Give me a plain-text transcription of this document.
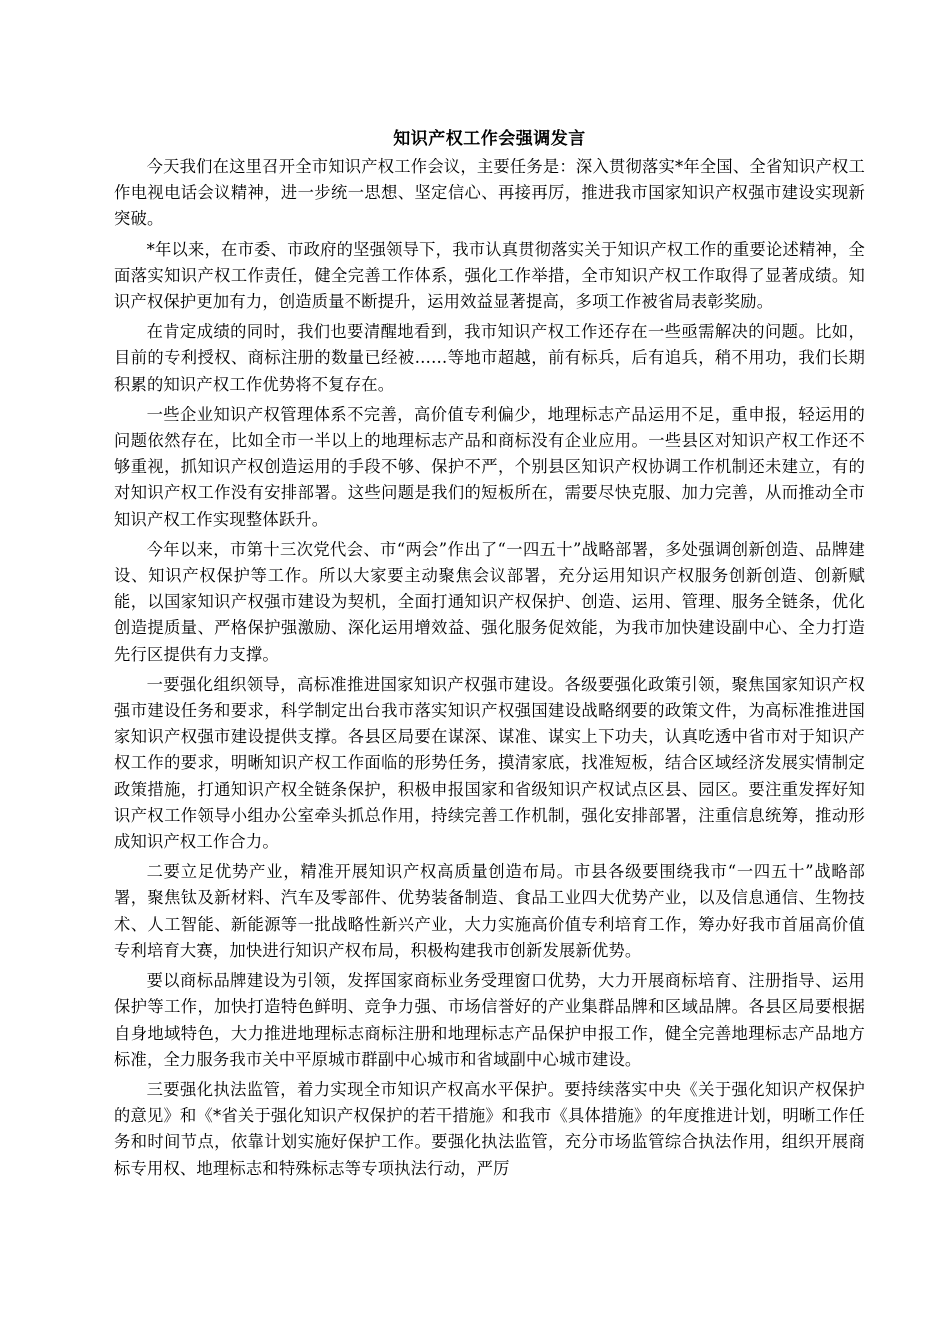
知识产权工作会强调发言

今天我们在这里召开全市知识产权工作会议，主要任务是：深入贯彻落实*年全国、全省知识产权工作电视电话会议精神，进一步统一思想、坚定信心、再接再厉，推进我市国家知识产权强市建设实现新突破。

*年以来，在市委、市政府的坚强领导下，我市认真贯彻落实关于知识产权工作的重要论述精神，全面落实知识产权工作责任，健全完善工作体系，强化工作举措，全市知识产权工作取得了显著成绩。知识产权保护更加有力，创造质量不断提升，运用效益显著提高，多项工作被省局表彰奖励。

在肯定成绩的同时，我们也要清醒地看到，我市知识产权工作还存在一些亟需解决的问题。比如，目前的专利授权、商标注册的数量已经被……等地市超越，前有标兵，后有追兵，稍不用功，我们长期积累的知识产权工作优势将不复存在。

一些企业知识产权管理体系不完善，高价值专利偏少，地理标志产品运用不足，重申报，轻运用的问题依然存在，比如全市一半以上的地理标志产品和商标没有企业应用。一些县区对知识产权工作还不够重视，抓知识产权创造运用的手段不够、保护不严，个别县区知识产权协调工作机制还未建立，有的对知识产权工作没有安排部署。这些问题是我们的短板所在，需要尽快克服、加力完善，从而推动全市知识产权工作实现整体跃升。

今年以来，市第十三次党代会、市“两会”作出了“一四五十”战略部署，多处强调创新创造、品牌建设、知识产权保护等工作。所以大家要主动聚焦会议部署，充分运用知识产权服务创新创造、创新赋能，以国家知识产权强市建设为契机，全面打通知识产权保护、创造、运用、管理、服务全链条，优化创造提质量、严格保护强激励、深化运用增效益、强化服务促效能，为我市加快建设副中心、全力打造先行区提供有力支撑。

一要强化组织领导，高标准推进国家知识产权强市建设。各级要强化政策引领，聚焦国家知识产权强市建设任务和要求，科学制定出台我市落实知识产权强国建设战略纲要的政策文件，为高标准推进国家知识产权强市建设提供支撑。各县区局要在谋深、谋准、谋实上下功夫，认真吃透中省市对于知识产权工作的要求，明晰知识产权工作面临的形势任务，摸清家底，找准短板，结合区域经济发展实情制定政策措施，打通知识产权全链条保护，积极申报国家和省级知识产权试点区县、园区。要注重发挥好知识产权工作领导小组办公室牵头抓总作用，持续完善工作机制，强化安排部署，注重信息统筹，推动形成知识产权工作合力。

二要立足优势产业，精准开展知识产权高质量创造布局。市县各级要围绕我市“一四五十”战略部署，聚焦钛及新材料、汽车及零部件、优势装备制造、食品工业四大优势产业，以及信息通信、生物技术、人工智能、新能源等一批战略性新兴产业，大力实施高价值专利培育工作，筹办好我市首届高价值专利培育大赛，加快进行知识产权布局，积极构建我市创新发展新优势。

要以商标品牌建设为引领，发挥国家商标业务受理窗口优势，大力开展商标培育、注册指导、运用保护等工作，加快打造特色鲜明、竞争力强、市场信誉好的产业集群品牌和区域品牌。各县区局要根据自身地域特色，大力推进地理标志商标注册和地理标志产品保护申报工作，健全完善地理标志产品地方标准，全力服务我市关中平原城市群副中心城市和省域副中心城市建设。

三要强化执法监管，着力实现全市知识产权高水平保护。要持续落实中央《关于强化知识产权保护的意见》和《*省关于强化知识产权保护的若干措施》和我市《具体措施》的年度推进计划，明晰工作任务和时间节点，依靠计划实施好保护工作。要强化执法监管，充分市场监管综合执法作用，组织开展商标专用权、地理标志和特殊标志等专项执法行动，严厉
